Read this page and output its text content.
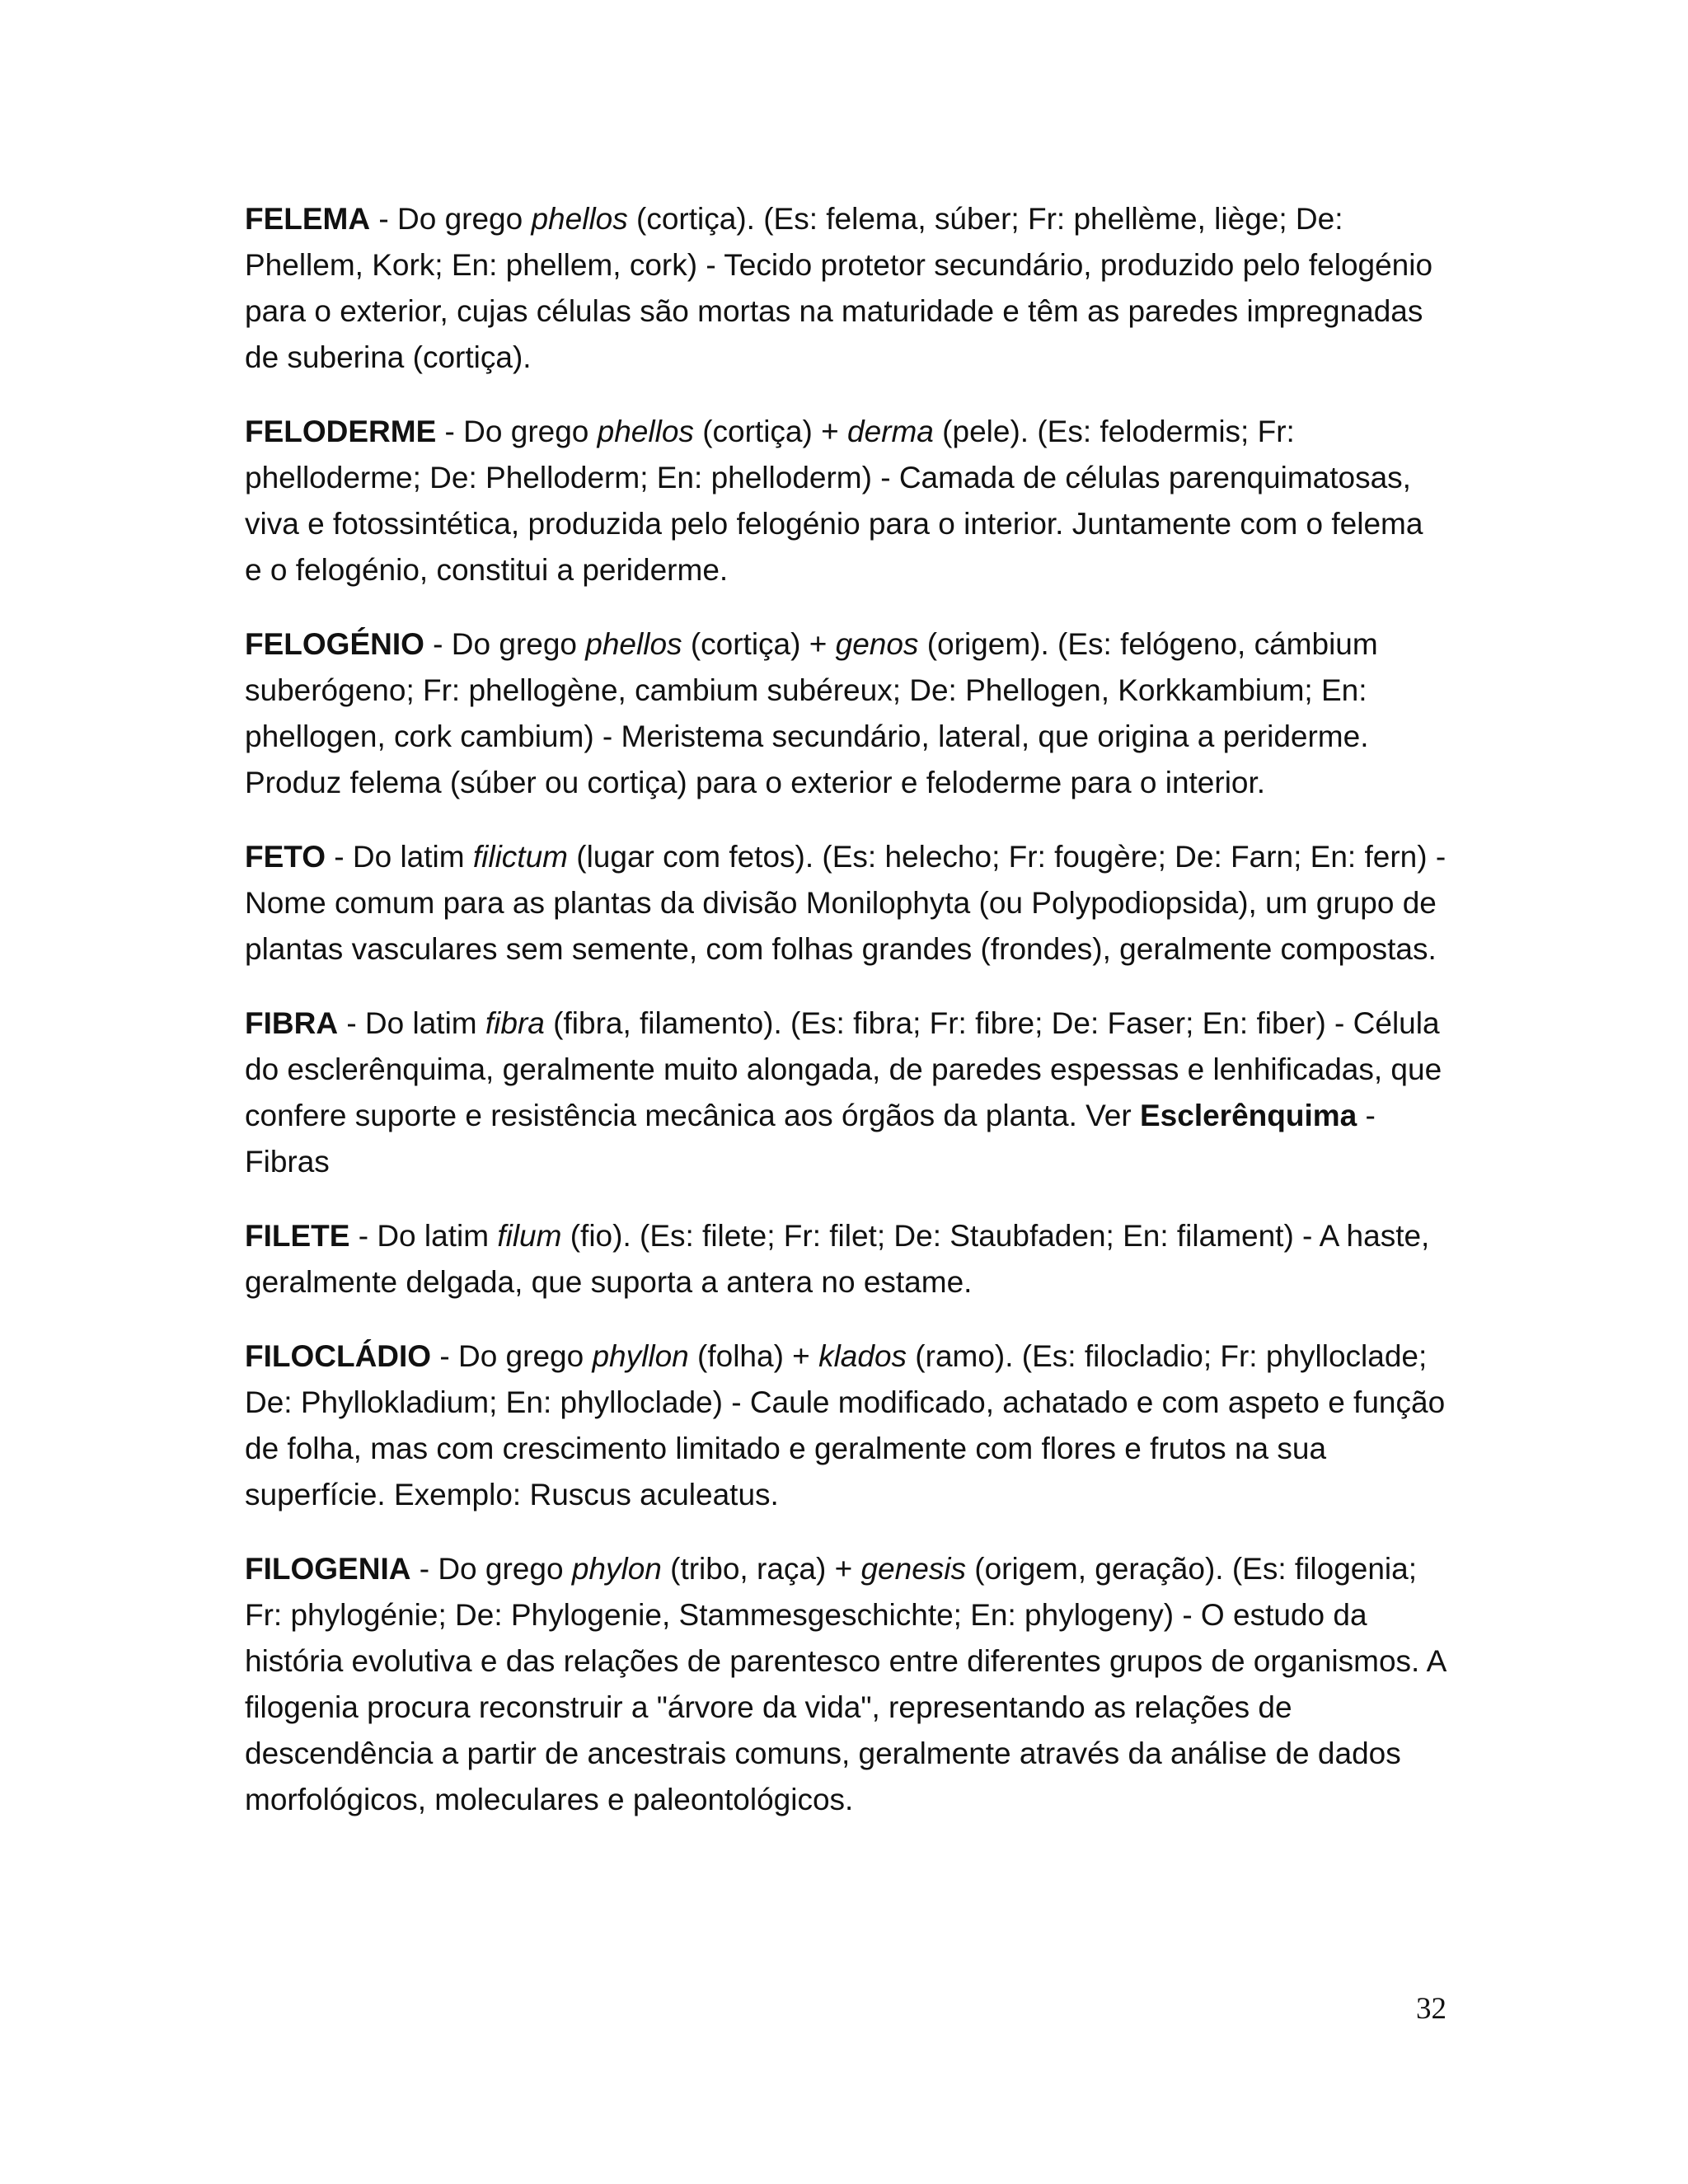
FELEMA - Do grego phellos (cortiça). (Es: felema, súber; Fr: phellème, liège; De: Phellem, Kork; En: phellem, cork) - Tecido protetor secundário, produzido pelo felogénio para o exterior, cujas células são mortas na maturidade e têm as paredes impregnadas de suberina (cortiça).

FELODERME - Do grego phellos (cortiça) + derma (pele). (Es: felodermis; Fr: phelloderme; De: Phelloderm; En: phelloderm) - Camada de células parenquimatosas, viva e fotossintética, produzida pelo felogénio para o interior. Juntamente com o felema e o felogénio, constitui a periderme.

FELOGÉNIO - Do grego phellos (cortiça) + genos (origem). (Es: felógeno, cámbium suberógeno; Fr: phellogène, cambium subéreux; De: Phellogen, Korkkambium; En: phellogen, cork cambium) - Meristema secundário, lateral, que origina a periderme. Produz felema (súber ou cortiça) para o exterior e feloderme para o interior.

FETO - Do latim filictum (lugar com fetos). (Es: helecho; Fr: fougère; De: Farn; En: fern) - Nome comum para as plantas da divisão Monilophyta (ou Polypodiopsida), um grupo de plantas vasculares sem semente, com folhas grandes (frondes), geralmente compostas.

FIBRA - Do latim fibra (fibra, filamento). (Es: fibra; Fr: fibre; De: Faser; En: fiber) - Célula do esclerênquima, geralmente muito alongada, de paredes espessas e lenhificadas, que confere suporte e resistência mecânica aos órgãos da planta. Ver Esclerênquima - Fibras

FILETE - Do latim filum (fio). (Es: filete; Fr: filet; De: Staubfaden; En: filament) - A haste, geralmente delgada, que suporta a antera no estame.

FILOCLÁDIO - Do grego phyllon (folha) + klados (ramo). (Es: filocladio; Fr: phylloclade; De: Phyllokladium; En: phylloclade) - Caule modificado, achatado e com aspeto e função de folha, mas com crescimento limitado e geralmente com flores e frutos na sua superfície. Exemplo: Ruscus aculeatus.

FILOGENIA - Do grego phylon (tribo, raça) + genesis (origem, geração). (Es: filogenia; Fr: phylogénie; De: Phylogenie, Stammesgeschichte; En: phylogeny) - O estudo da história evolutiva e das relações de parentesco entre diferentes grupos de organismos. A filogenia procura reconstruir a "árvore da vida", representando as relações de descendência a partir de ancestrais comuns, geralmente através da análise de dados morfológicos, moleculares e paleontológicos.

32
